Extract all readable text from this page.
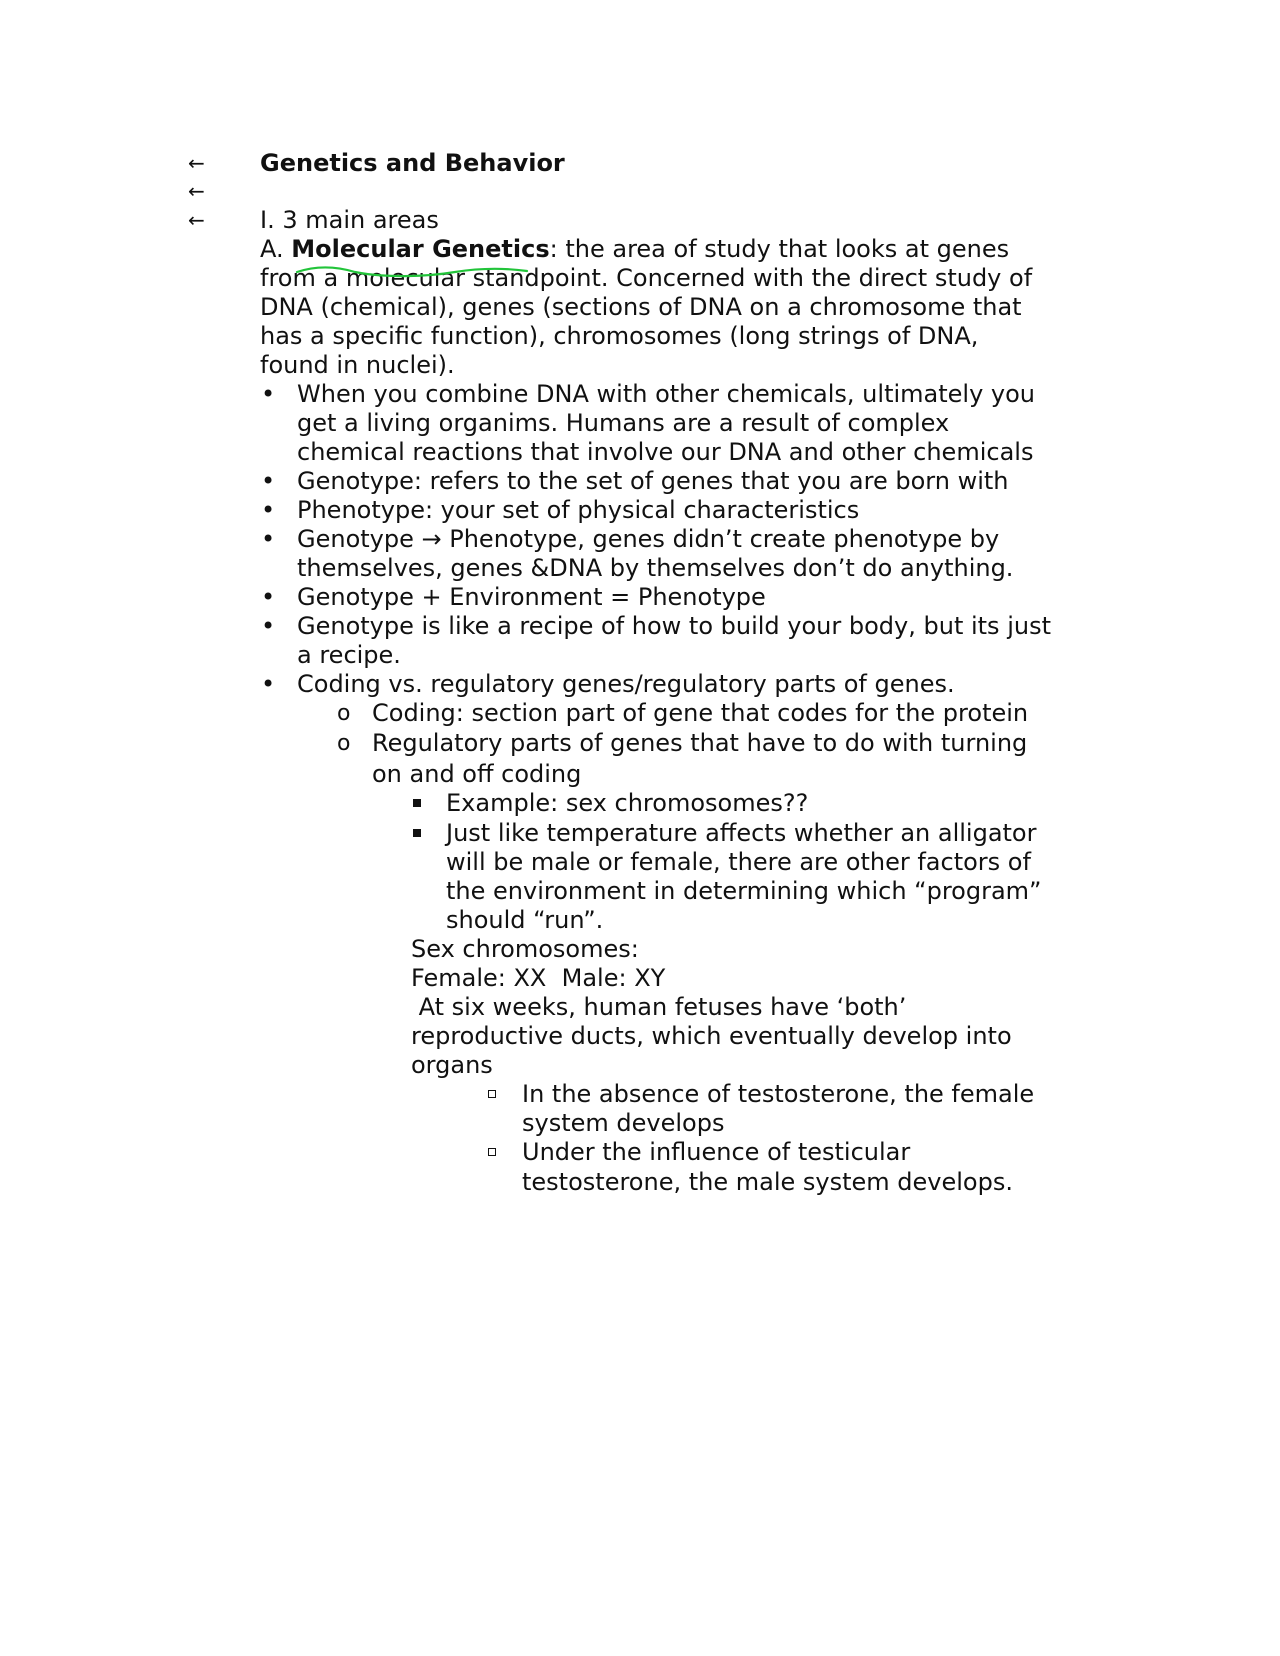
←
←
←
Genetics and Behavior
I. 3 main areas
A. Molecular Genetics: the area of study that looks at genes
from a molecular standpoint. Concerned with the direct study of
DNA (chemical), genes (sections of DNA on a chromosome that
has a specific function), chromosomes (long strings of DNA,
found in nuclei).
• When you combine DNA with other chemicals, ultimately you
get a living organims. Humans are a result of complex
chemical reactions that involve our DNA and other chemicals
• Genotype: refers to the set of genes that you are born with
• Phenotype: your set of physical characteristics
• Genotype → Phenotype, genes didn’t create phenotype by
themselves, genes &DNA by themselves don’t do anything.
• Genotype + Environment = Phenotype
• Genotype is like a recipe of how to build your body, but its just
a recipe.
• Coding vs. regulatory genes/regulatory parts of genes.
o Coding: section part of gene that codes for the protein
o Regulatory parts of genes that have to do with turning
on and off coding
Example: sex chromosomes??
Just like temperature affects whether an alligator
will be male or female, there are other factors of
the environment in determining which “program”
should “run”.
Sex chromosomes:
Female: XX  Male: XY
At six weeks, human fetuses have ‘both’
reproductive ducts, which eventually develop into
organs
In the absence of testosterone, the female
system develops
Under the influence of testicular
testosterone, the male system develops.
